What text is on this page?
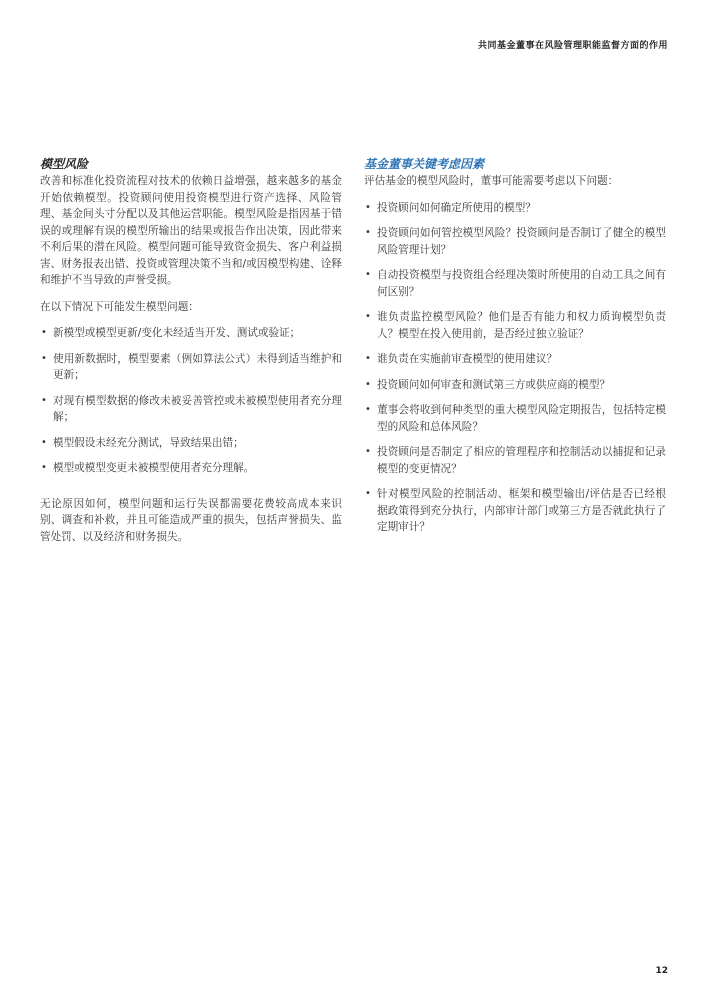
共同基金董事在风险管理职能监督方面的作用
模型风险

改善和标准化投资流程对技术的依赖日益增强，越来越多的基金开始依赖模型。投资顾问使用投资模型进行资产选择、风险管理、基金间头寸分配以及其他运营职能。模型风险是指因基于错误的或理解有误的模型所输出的结果或报告作出决策，因此带来不利后果的潜在风险。模型问题可能导致资金损失、客户利益损害、财务报表出错、投资或管理决策不当和/或因模型构建、诠释和维护不当导致的声誉受损。

在以下情况下可能发生模型问题：

• 新模型或模型更新/变化未经适当开发、测试或验证；
• 使用新数据时，模型要素（例如算法公式）未得到适当维护和更新；
• 对现有模型数据的修改未被妥善管控或未被模型使用者充分理解；
• 模型假设未经充分测试，导致结果出错；
• 模型或模型变更未被模型使用者充分理解。

无论原因如何，模型问题和运行失误都需要花费较高成本来识别、调查和补救，并且可能造成严重的损失，包括声誉损失、监管处罚、以及经济和财务损失。

基金董事关键考虑因素

评估基金的模型风险时，董事可能需要考虑以下问题：

• 投资顾问如何确定所使用的模型？
• 投资顾问如何管控模型风险？投资顾问是否制订了健全的模型风险管理计划？
• 自动投资模型与投资组合经理决策时所使用的自动工具之间有何区别？
• 谁负责监控模型风险？他们是否有能力和权力质询模型负责人？模型在投入使用前，是否经过独立验证？
• 谁负责在实施前审查模型的使用建议？
• 投资顾问如何审查和测试第三方或供应商的模型？
• 董事会将收到何种类型的重大模型风险定期报告，包括特定模型的风险和总体风险？
• 投资顾问是否制定了相应的管理程序和控制活动以捕捉和记录模型的变更情况？
• 针对模型风险的控制活动、框架和模型输出/评估是否已经根据政策得到充分执行，内部审计部门或第三方是否就此执行了定期审计？
12
